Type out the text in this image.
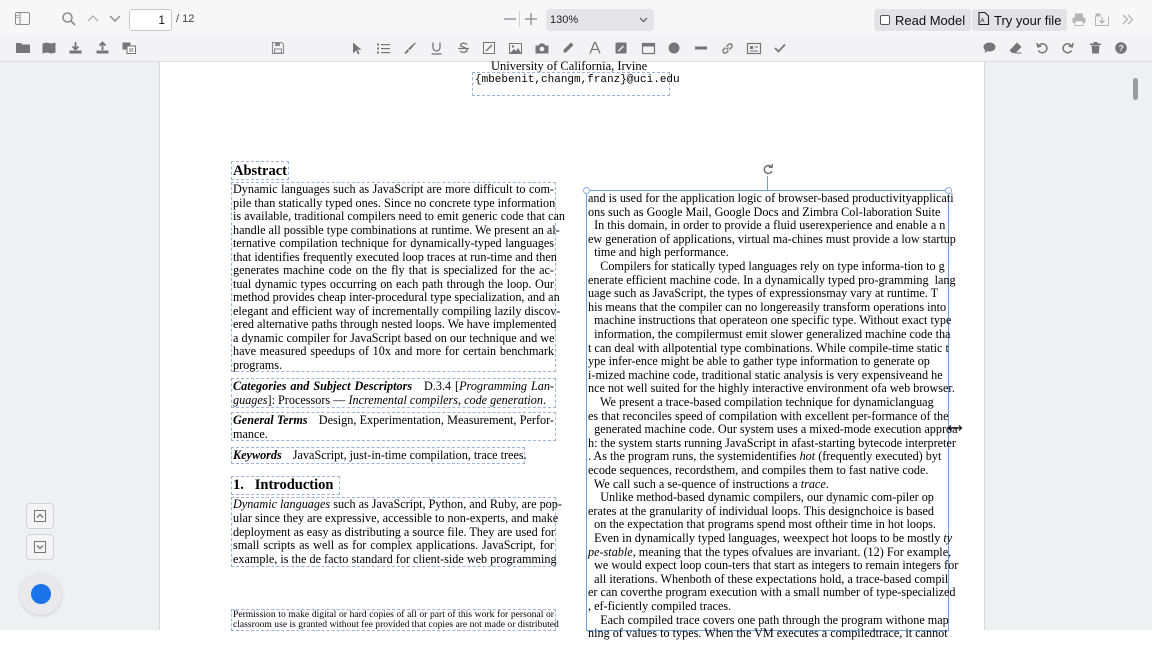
1	/ 12	130%	Read Model A Try your file
?
University of California, Irvine
{mbebenit,changm,franz}@uci.edu
Abstract
Dynamic languages such as JavaScript are more difficult to com-
pile than statically typed ones. Since no concrete type information
is available, traditional compilers need to emit generic code that can
handle all possible type combinations at runtime. We present an al-
ternative compilation technique for dynamically-typed languages
that identifies frequently executed loop traces at run-time and then
generates machine code on the fly that is specialized for the ac-
tual dynamic types occurring on each path through the loop. Our
method provides cheap inter-procedural type specialization, and an
elegant and efficient way of incrementally compiling lazily discov-
ered alternative paths through nested loops. We have implemented
a dynamic compiler for JavaScript based on our technique and we
have measured speedups of 10x and more for certain benchmark
programs.
Categories and Subject Descriptors D.3.4 [Programming Lan-
guages]: Processors — Incremental compilers, code generation.
General Terms Design, Experimentation, Measurement, Perfor-
mance.
Keywords JavaScript, just-in-time compilation, trace trees.
1.   Introduction
Dynamic languages such as JavaScript, Python, and Ruby, are pop-
ular since they are expressive, accessible to non-experts, and make
deployment as easy as distributing a source file. They are used for
small scripts as well as for complex applications. JavaScript, for
example, is the de facto standard for client-side web programming
Permission to make digital or hard copies of all or part of this work for personal or
classroom use is granted without fee provided that copies are not made or distributed
and is used for the application logic of browser-based productivityapplicati
ons such as Google Mail, Google Docs and Zimbra Col-laboration Suite
In this domain, in order to provide a fluid userexperience and enable a n
ew generation of applications, virtual ma-chines must provide a low startup
time and high performance.
Compilers for statically typed languages rely on type informa-tion to g
enerate efficient machine code. In a dynamically typed pro-gramming  lang
uage such as JavaScript, the types of expressionsmay vary at runtime. T
his means that the compiler can no longereasily transform operations into
machine instructions that operateon one specific type. Without exact type
information, the compilermust emit slower generalized machine code tha
t can deal with allpotential type combinations. While compile-time static t
ype infer-ence might be able to gather type information to generate op
i-mized machine code, traditional static analysis is very expensiveand he
nce not well suited for the highly interactive environment ofa web browser.
We present a trace-based compilation technique for dynamiclanguag
es that reconciles speed of compilation with excellent per-formance of the
generated machine code. Our system uses a mixed-mode execution approa
h: the system starts running JavaScript in afast-starting bytecode interpreter
. As the program runs, the systemidentifies hot (frequently executed) byt
ecode sequences, recordsthem, and compiles them to fast native code.
We call such a se-quence of instructions a trace.
Unlike method-based dynamic compilers, our dynamic com-piler op
erates at the granularity of individual loops. This designchoice is based
on the expectation that programs spend most oftheir time in hot loops.
Even in dynamically typed languages, weexpect hot loops to be mostly ty
pe-stable, meaning that the types ofvalues are invariant. (12) For example,
we would expect loop coun-ters that start as integers to remain integers for
all iterations. Whenboth of these expectations hold, a trace-based compil
er can coverthe program execution with a small number of type-specialized
, ef-ficiently compiled traces.
Each compiled trace covers one path through the program withone map
ning of values to types. When the VM executes a compiledtrace, it cannot
